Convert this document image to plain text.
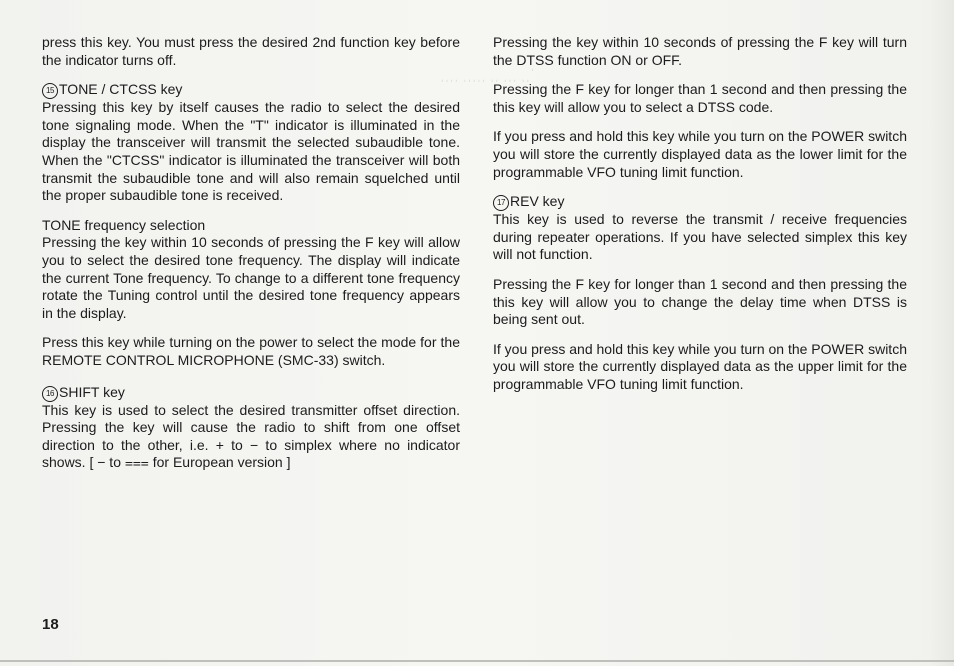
ˈˌˌ ˌˌˌ ˌˌ ˌˌˌˌˌ ˌˌˌˌ

press this key. You must press the desired 2nd function key before the indicator turns off.

15 TONE / CTCSS key

Pressing this key by itself causes the radio to select the desired tone signaling mode. When the "T" indicator is illuminated in the display the transceiver will transmit the selected subaudible tone. When the "CTCSS" indicator is illuminated the transceiver will both transmit the subaudible tone and will also remain squelched until the proper subaudible tone is received.

TONE frequency selection

Pressing the key within 10 seconds of pressing the F key will allow you to select the desired tone frequency. The display will indicate the current Tone frequency. To change to a different tone frequency rotate the Tuning control until the desired tone frequency appears in the display.

Press this key while turning on the power to select the mode for the REMOTE CONTROL MICROPHONE (SMC-33) switch.

16 SHIFT key

This key is used to select the desired transmitter offset direction. Pressing the key will cause the radio to shift from one offset direction to the other, i.e. + to − to simplex where no indicator shows. [ − to ⩶ for European version ]

Pressing the key within 10 seconds of pressing the F key will turn the DTSS function ON or OFF.

Pressing the F key for longer than 1 second and then pressing the this key will allow you to select a DTSS code.

If you press and hold this key while you turn on the POWER switch you will store the currently displayed data as the lower limit for the programmable VFO tuning limit function.

17 REV key

This key is used to reverse the transmit / receive frequencies during repeater operations. If you have selected simplex this key will not function.

Pressing the F key for longer than 1 second and then pressing the this key will allow you to change the delay time when DTSS is being sent out.

If you press and hold this key while you turn on the POWER switch you will store the currently displayed data as the upper limit for the programmable VFO tuning limit function.

18
